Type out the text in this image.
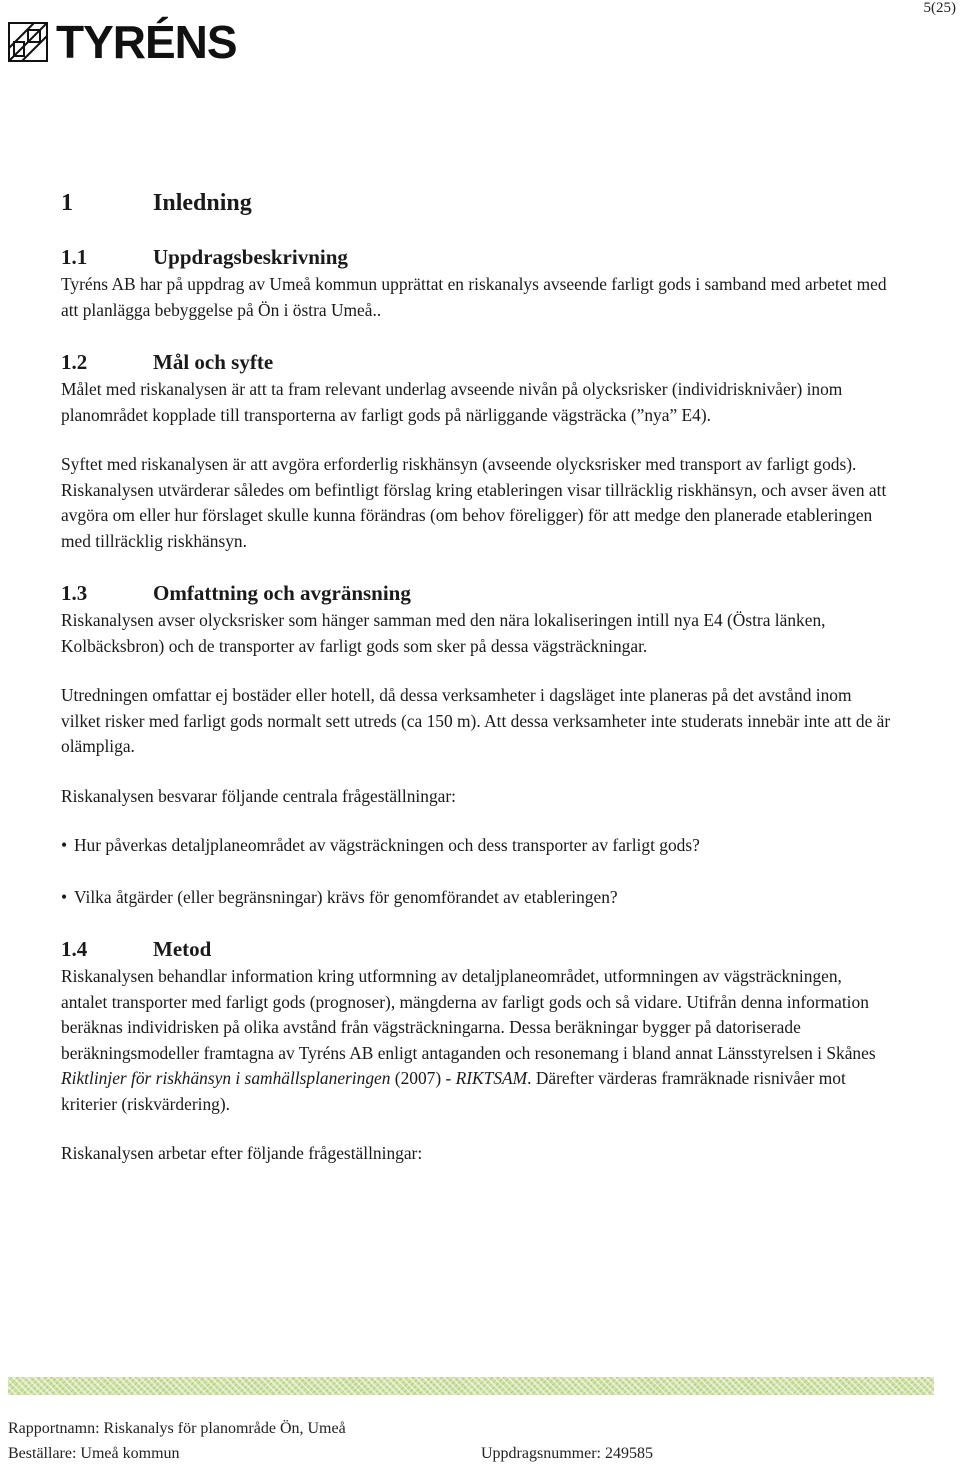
5(25)
TYRÉNS
1	Inledning
1.1	Uppdragsbeskrivning

Tyréns AB har på uppdrag av Umeå kommun upprättat en riskanalys avseende farligt gods i samband med arbetet med att planlägga bebyggelse på Ön i östra Umeå..

1.2	Mål och syfte

Målet med riskanalysen är att ta fram relevant underlag avseende nivån på olycksrisker (individrisknivåer) inom planområdet kopplade till transporterna av farligt gods på närliggande vägsträcka (”nya” E4).

Syftet med riskanalysen är att avgöra erforderlig riskhänsyn (avseende olycksrisker med transport av farligt gods).

Riskanalysen utvärderar således om befintligt förslag kring etableringen visar tillräcklig riskhänsyn, och avser även att avgöra om eller hur förslaget skulle kunna förändras (om behov föreligger) för att medge den planerade etableringen med tillräcklig riskhänsyn.

1.3	Omfattning och avgränsning

Riskanalysen avser olycksrisker som hänger samman med den nära lokaliseringen intill nya E4 (Östra länken, Kolbäcksbron) och de transporter av farligt gods som sker på dessa vägsträckningar.

Utredningen omfattar ej bostäder eller hotell, då dessa verksamheter i dagsläget inte planeras på det avstånd inom vilket risker med farligt gods normalt sett utreds (ca 150 m). Att dessa verksamheter inte studerats innebär inte att de är olämpliga.

Riskanalysen besvarar följande centrala frågeställningar:

• Hur påverkas detaljplaneområdet av vägsträckningen och dess transporter av farligt gods?
• Vilka åtgärder (eller begränsningar) krävs för genomförandet av etableringen?
1.4	Metod

Riskanalysen behandlar information kring utformning av detaljplaneområdet, utformningen av vägsträckningen, antalet transporter med farligt gods (prognoser), mängderna av farligt gods och så vidare. Utifrån denna information beräknas individrisken på olika avstånd från vägsträckningarna. Dessa beräkningar bygger på datoriserade beräkningsmodeller framtagna av Tyréns AB enligt antaganden och resonemang i bland annat Länsstyrelsen i Skånes Riktlinjer för riskhänsyn i samhällsplaneringen (2007) - RIKTSAM. Därefter värderas framräknade risnivåer mot kriterier (riskvärdering).

Riskanalysen arbetar efter följande frågeställningar:

Rapportnamn: Riskanalys för planområde Ön, Umeå
Beställare: Umeå kommun	Uppdragsnummer: 249585
